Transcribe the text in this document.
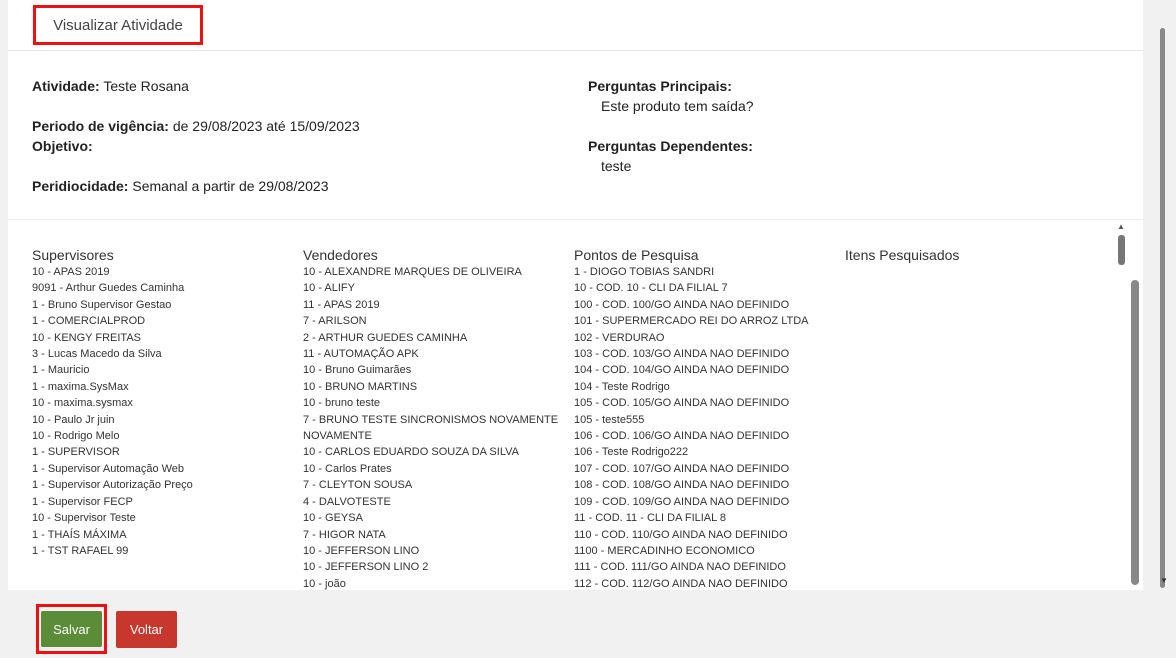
Visualizar Atividade
Atividade: Teste Rosana
Periodo de vigência: de 29/08/2023 até 15/09/2023
Objetivo:
Peridiocidade: Semanal a partir de 29/08/2023
Perguntas Principais:
Este produto tem saída?
Perguntas Dependentes:
teste
Supervisores
10 - APAS 2019
9091 - Arthur Guedes Caminha
1 - Bruno Supervisor Gestao
1 - COMERCIALPROD
10 - KENGY FREITAS
3 - Lucas Macedo da Silva
1 - Mauricio
1 - maxima.SysMax
10 - maxima.sysmax
10 - Paulo Jr juin
10 - Rodrigo Melo
1 - SUPERVISOR
1 - Supervisor Automação Web
1 - Supervisor Autorização Preço
1 - Supervisor FECP
10 - Supervisor Teste
1 - THAÍS MÁXIMA
1 - TST RAFAEL 99
Vendedores
10 - ALEXANDRE MARQUES DE OLIVEIRA
10 - ALIFY
11 - APAS 2019
7 - ARILSON
2 - ARTHUR GUEDES CAMINHA
11 - AUTOMAÇÃO APK
10 - Bruno Guimarães
10 - BRUNO MARTINS
10 - bruno teste
7 - BRUNO TESTE SINCRONISMOS NOVAMENTE
NOVAMENTE
10 - CARLOS EDUARDO SOUZA DA SILVA
10 - Carlos Prates
7 - CLEYTON SOUSA
4 - DALVOTESTE
10 - GEYSA
7 - HIGOR NATA
10 - JEFFERSON LINO
10 - JEFFERSON LINO 2
10 - joão
Pontos de Pesquisa
1 - DIOGO TOBIAS SANDRI
10 - COD. 10 - CLI DA FILIAL 7
100 - COD. 100/GO AINDA NAO DEFINIDO
101 - SUPERMERCADO REI DO ARROZ LTDA
102 - VERDURAO
103 - COD. 103/GO AINDA NAO DEFINIDO
104 - COD. 104/GO AINDA NAO DEFINIDO
104 - Teste Rodrigo
105 - COD. 105/GO AINDA NAO DEFINIDO
105 - teste555
106 - COD. 106/GO AINDA NAO DEFINIDO
106 - Teste Rodrigo222
107 - COD. 107/GO AINDA NAO DEFINIDO
108 - COD. 108/GO AINDA NAO DEFINIDO
109 - COD. 109/GO AINDA NAO DEFINIDO
11 - COD. 11 - CLI DA FILIAL 8
110 - COD. 110/GO AINDA NAO DEFINIDO
1100 - MERCADINHO ECONOMICO
111 - COD. 111/GO AINDA NAO DEFINIDO
112 - COD. 112/GO AINDA NAO DEFINIDO
Itens Pesquisados
▲
▼
Salvar	Voltar
